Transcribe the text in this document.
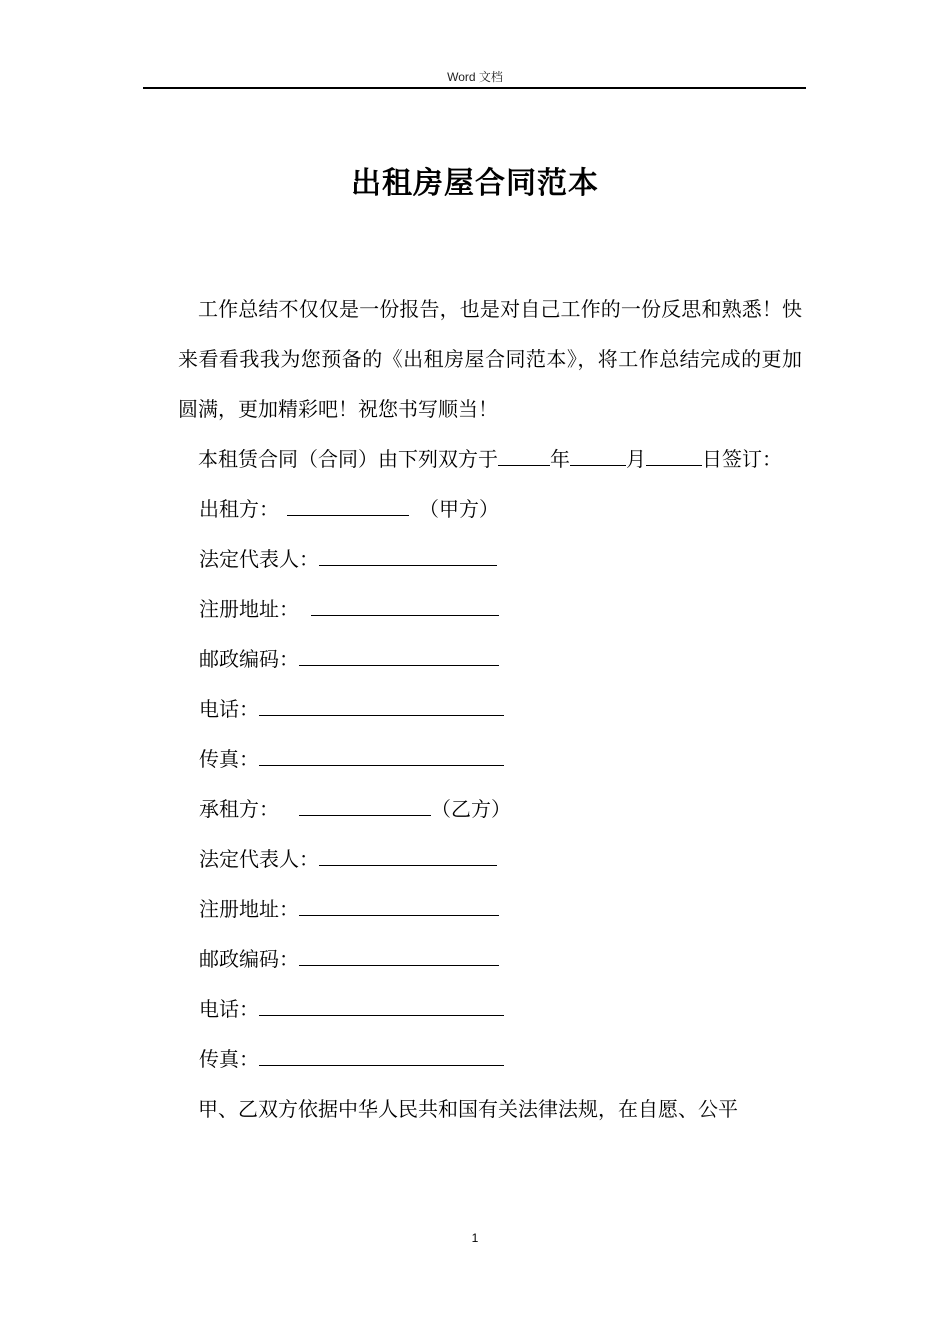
Word 文档
出租房屋合同范本

工作总结不仅仅是一份报告，也是对自己工作的一份反思和熟悉！快来看看我我为您预备的《出租房屋合同范本》，将工作总结完成的更加圆满，更加精彩吧！祝您书写顺当！

本租赁合同（合同）由下列双方于	年	月	日签订：

出租方：	（甲方）

法定代表人：

注册地址：

邮政编码：

电话：

传真：

承租方：	（乙方）

法定代表人：

注册地址：

邮政编码：

电话：

传真：

甲、乙双方依据中华人民共和国有关法律法规，在自愿、公平

1
